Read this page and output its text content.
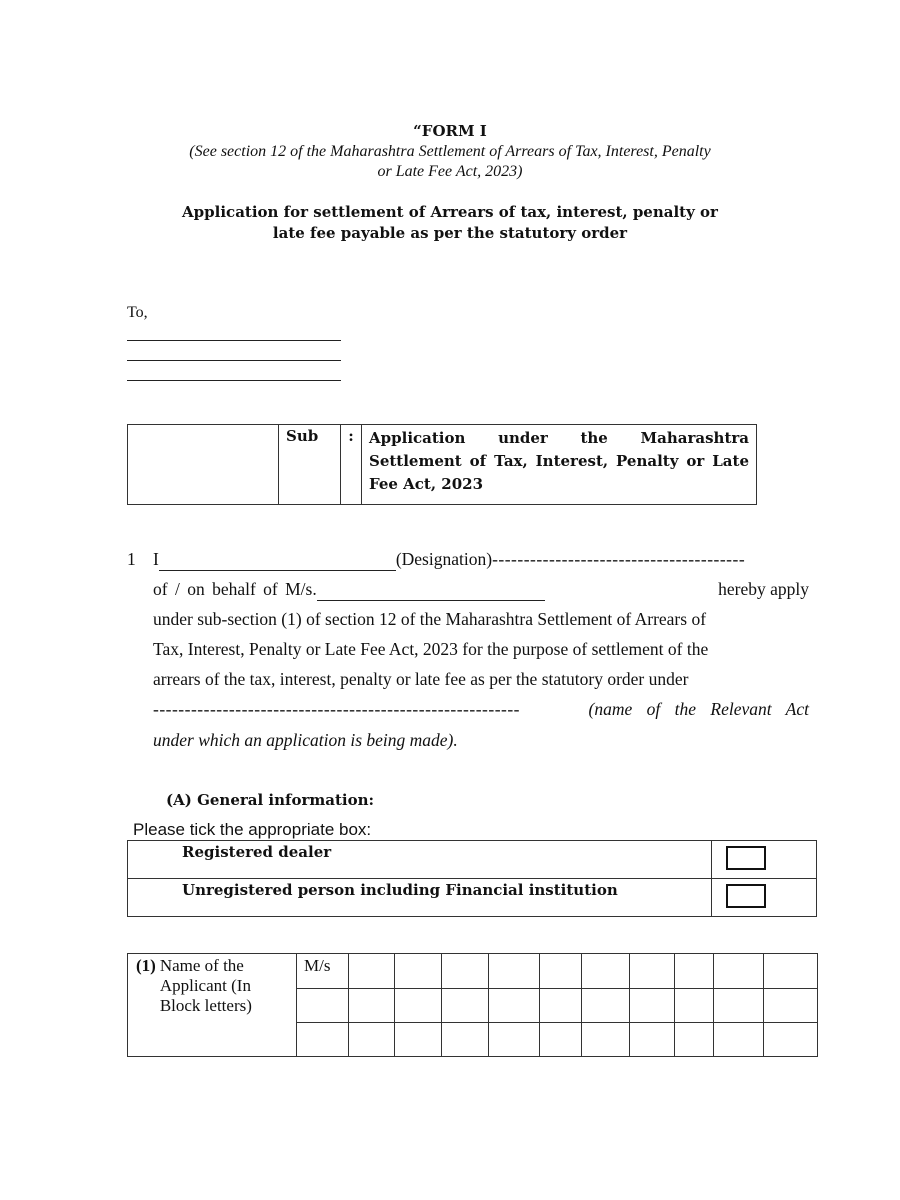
“FORM I
(See section 12 of the Maharashtra Settlement of Arrears of Tax, Interest, Penalty
or Late Fee Act, 2023)
Application for settlement of Arrears of tax, interest, penalty or
late fee payable as per the statutory order
To,
	Sub	:	Application under the Maharashtra Settlement of Tax, Interest, Penalty or Late Fee Act, 2023
1 I	(Designation)----------------------------------------
of / on behalf of M/s.	hereby apply
under sub-section (1) of section 12 of the Maharashtra Settlement of Arrears of
Tax, Interest, Penalty or Late Fee Act, 2023 for the purpose of settlement of the
arrears of the tax, interest, penalty or late fee as per the statutory order under
----------------------------------------------------------	(name of the Relevant Act
under which an application is being made).
(A) General information:
Please tick the appropriate box:
Registered dealer	

Unregistered person including Financial institution	
(1) Name of the Applicant (In Block letters)	M/s										
